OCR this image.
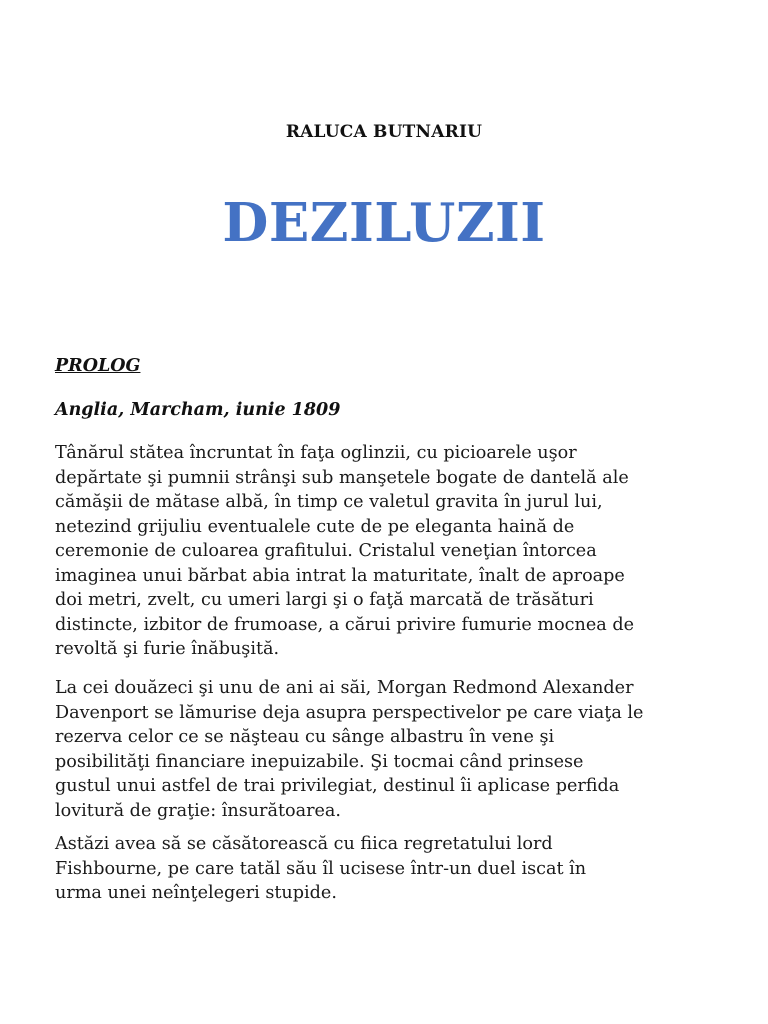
RALUCA BUTNARIU
DEZILUZII
PROLOG
Anglia, Marcham, iunie 1809
Tânărul stătea încruntat în faţa oglinzii, cu picioarele uşor
depărtate şi pumnii strânşi sub manşetele bogate de dantelă ale
cămăşii de mătase albă, în timp ce valetul gravita în jurul lui,
netezind grijuliu eventualele cute de pe eleganta haină de
ceremonie de culoarea grafitului. Cristalul veneţian întorcea
imaginea unui bărbat abia intrat la maturitate, înalt de aproape
doi metri, zvelt, cu umeri largi şi o faţă marcată de trăsături
distincte, izbitor de frumoase, a cărui privire fumurie mocnea de
revoltă şi furie înăbuşită.
La cei douăzeci şi unu de ani ai săi, Morgan Redmond Alexander
Davenport se lămurise deja asupra perspectivelor pe care viaţa le
rezerva celor ce se năşteau cu sânge albastru în vene şi
posibilităţi financiare inepuizabile. Şi tocmai când prinsese
gustul unui astfel de trai privilegiat, destinul îi aplicase perfida
lovitură de graţie: însurătoarea.
Astăzi avea să se căsătorească cu fiica regretatului lord
Fishbourne, pe care tatăl său îl ucisese într-un duel iscat în
urma unei neînţelegeri stupide.
